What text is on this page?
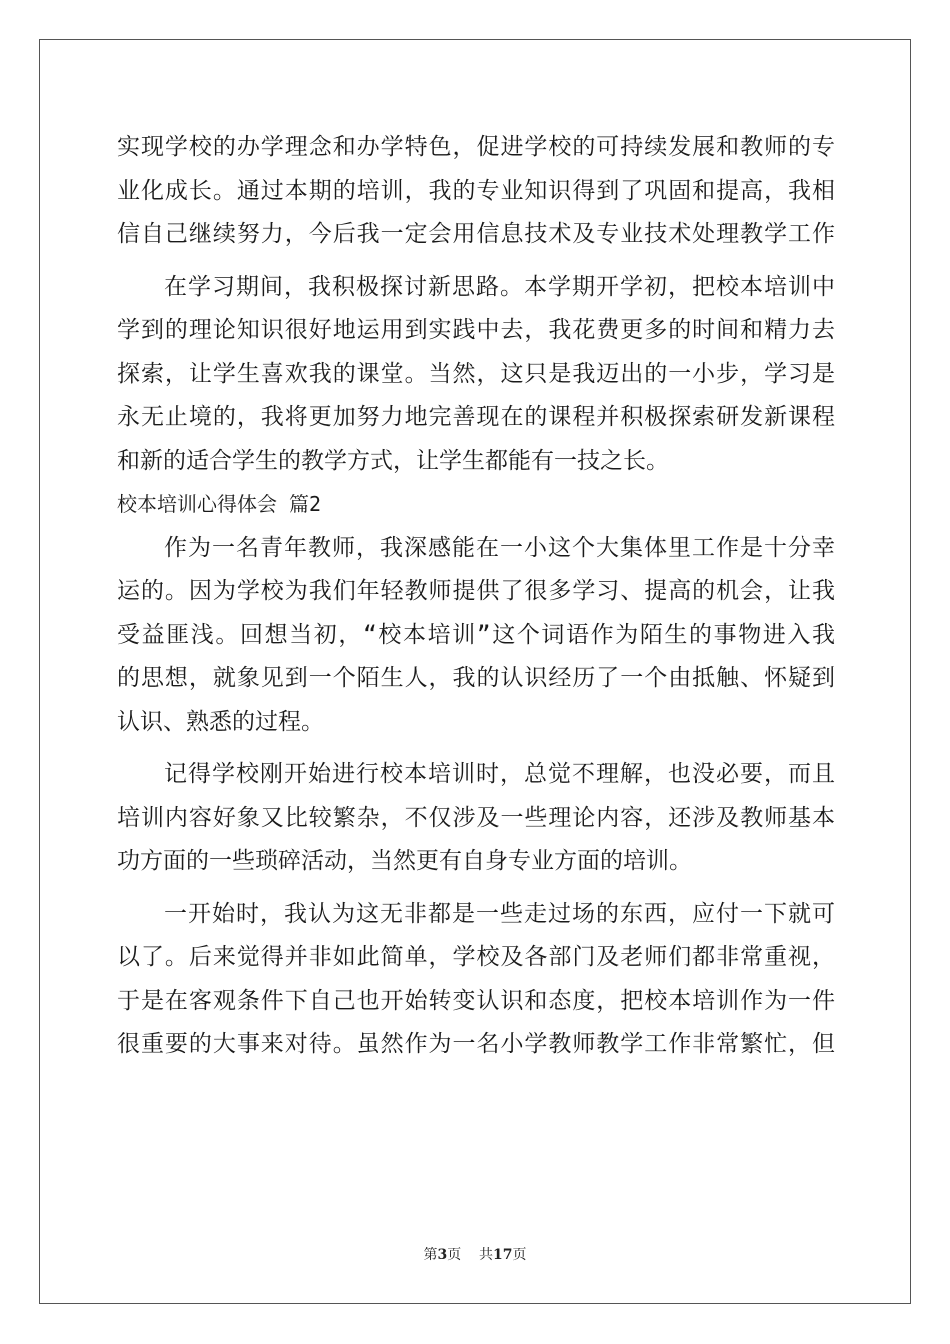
实现学校的办学理念和办学特色，促进学校的可持续发展和教师的专
业化成长。通过本期的培训，我的专业知识得到了巩固和提高，我相
信自己继续努力，今后我一定会用信息技术及专业技术处理教学工作
在学习期间，我积极探讨新思路。本学期开学初，把校本培训中
学到的理论知识很好地运用到实践中去，我花费更多的时间和精力去
探索，让学生喜欢我的课堂。当然，这只是我迈出的一小步，学习是
永无止境的，我将更加努力地完善现在的课程并积极探索研发新课程
和新的适合学生的教学方式，让学生都能有一技之长。
校本培训心得体会 篇2
作为一名青年教师，我深感能在一小这个大集体里工作是十分幸
运的。因为学校为我们年轻教师提供了很多学习、提高的机会，让我
受益匪浅。回想当初，“校本培训”这个词语作为陌生的事物进入我
的思想，就象见到一个陌生人，我的认识经历了一个由抵触、怀疑到
认识、熟悉的过程。
记得学校刚开始进行校本培训时，总觉不理解，也没必要，而且
培训内容好象又比较繁杂，不仅涉及一些理论内容，还涉及教师基本
功方面的一些琐碎活动，当然更有自身专业方面的培训。
一开始时，我认为这无非都是一些走过场的东西，应付一下就可
以了。后来觉得并非如此简单，学校及各部门及老师们都非常重视，
于是在客观条件下自己也开始转变认识和态度，把校本培训作为一件
很重要的大事来对待。虽然作为一名小学教师教学工作非常繁忙，但
第3页 共17页
